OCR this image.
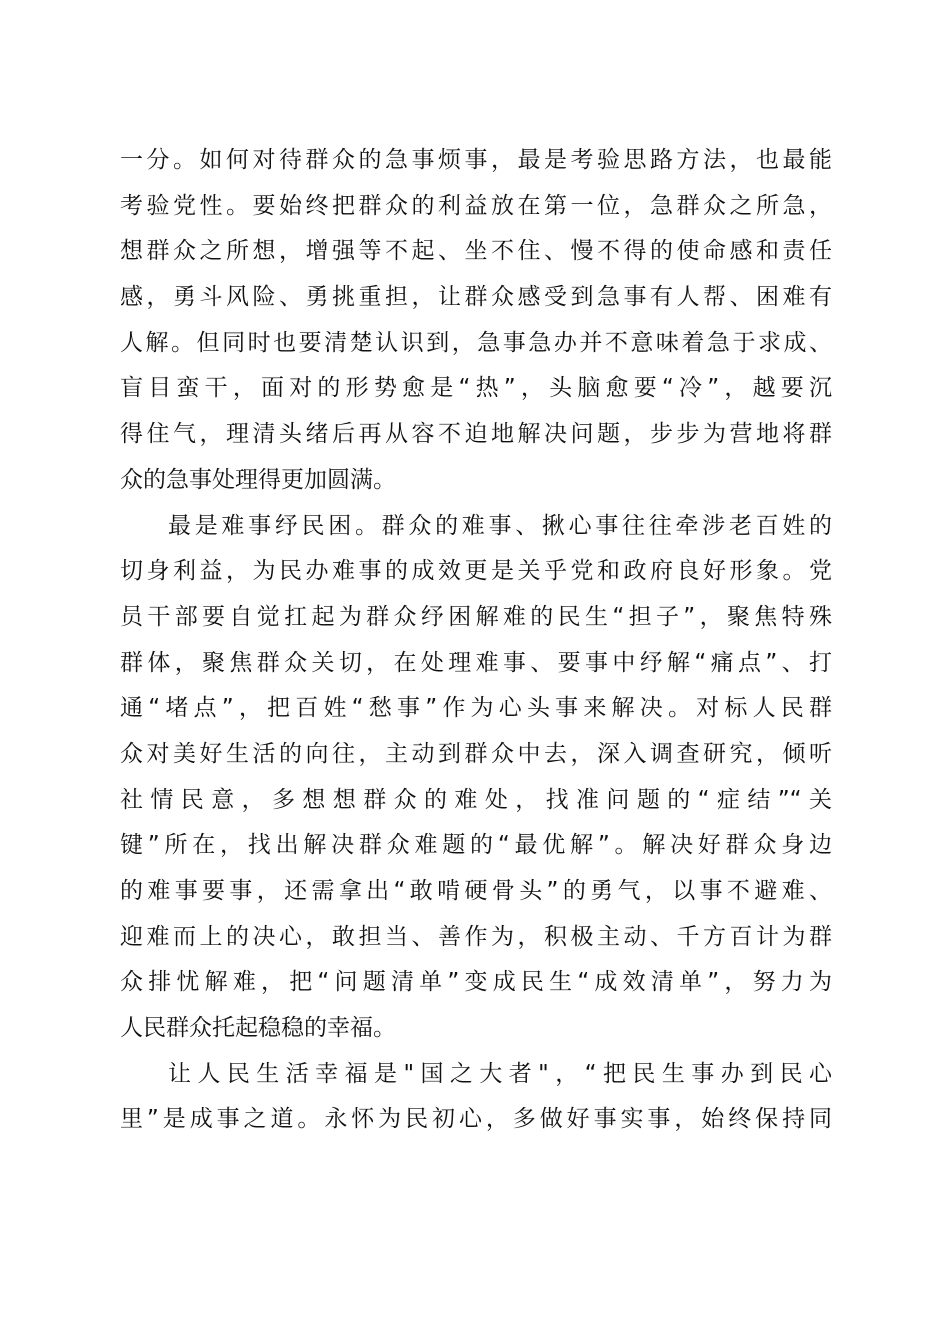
一分。如何对待群众的急事烦事，最是考验思路方法，也最能
考验党性。要始终把群众的利益放在第一位，急群众之所急，
想群众之所想，增强等不起、坐不住、慢不得的使命感和责任
感，勇斗风险、勇挑重担，让群众感受到急事有人帮、困难有
人解。但同时也要清楚认识到，急事急办并不意味着急于求成、
盲目蛮干，面对的形势愈是“热”，头脑愈要“冷”，越要沉
得住气，理清头绪后再从容不迫地解决问题，步步为营地将群
众的急事处理得更加圆满。
最是难事纾民困。群众的难事、揪心事往往牵涉老百姓的
切身利益，为民办难事的成效更是关乎党和政府良好形象。党
员干部要自觉扛起为群众纾困解难的民生“担子”，聚焦特殊
群体，聚焦群众关切，在处理难事、要事中纾解“痛点”、打
通“堵点”，把百姓“愁事”作为心头事来解决。对标人民群
众对美好生活的向往，主动到群众中去，深入调查研究，倾听
社情民意，多想想群众的难处，找准问题的“症结”“关
键”所在，找出解决群众难题的“最优解”。解决好群众身边
的难事要事，还需拿出“敢啃硬骨头”的勇气，以事不避难、
迎难而上的决心，敢担当、善作为，积极主动、千方百计为群
众排忧解难，把“问题清单”变成民生“成效清单”，努力为
人民群众托起稳稳的幸福。
让人民生活幸福是"国之大者"，“把民生事办到民心
里”是成事之道。永怀为民初心，多做好事实事，始终保持同
